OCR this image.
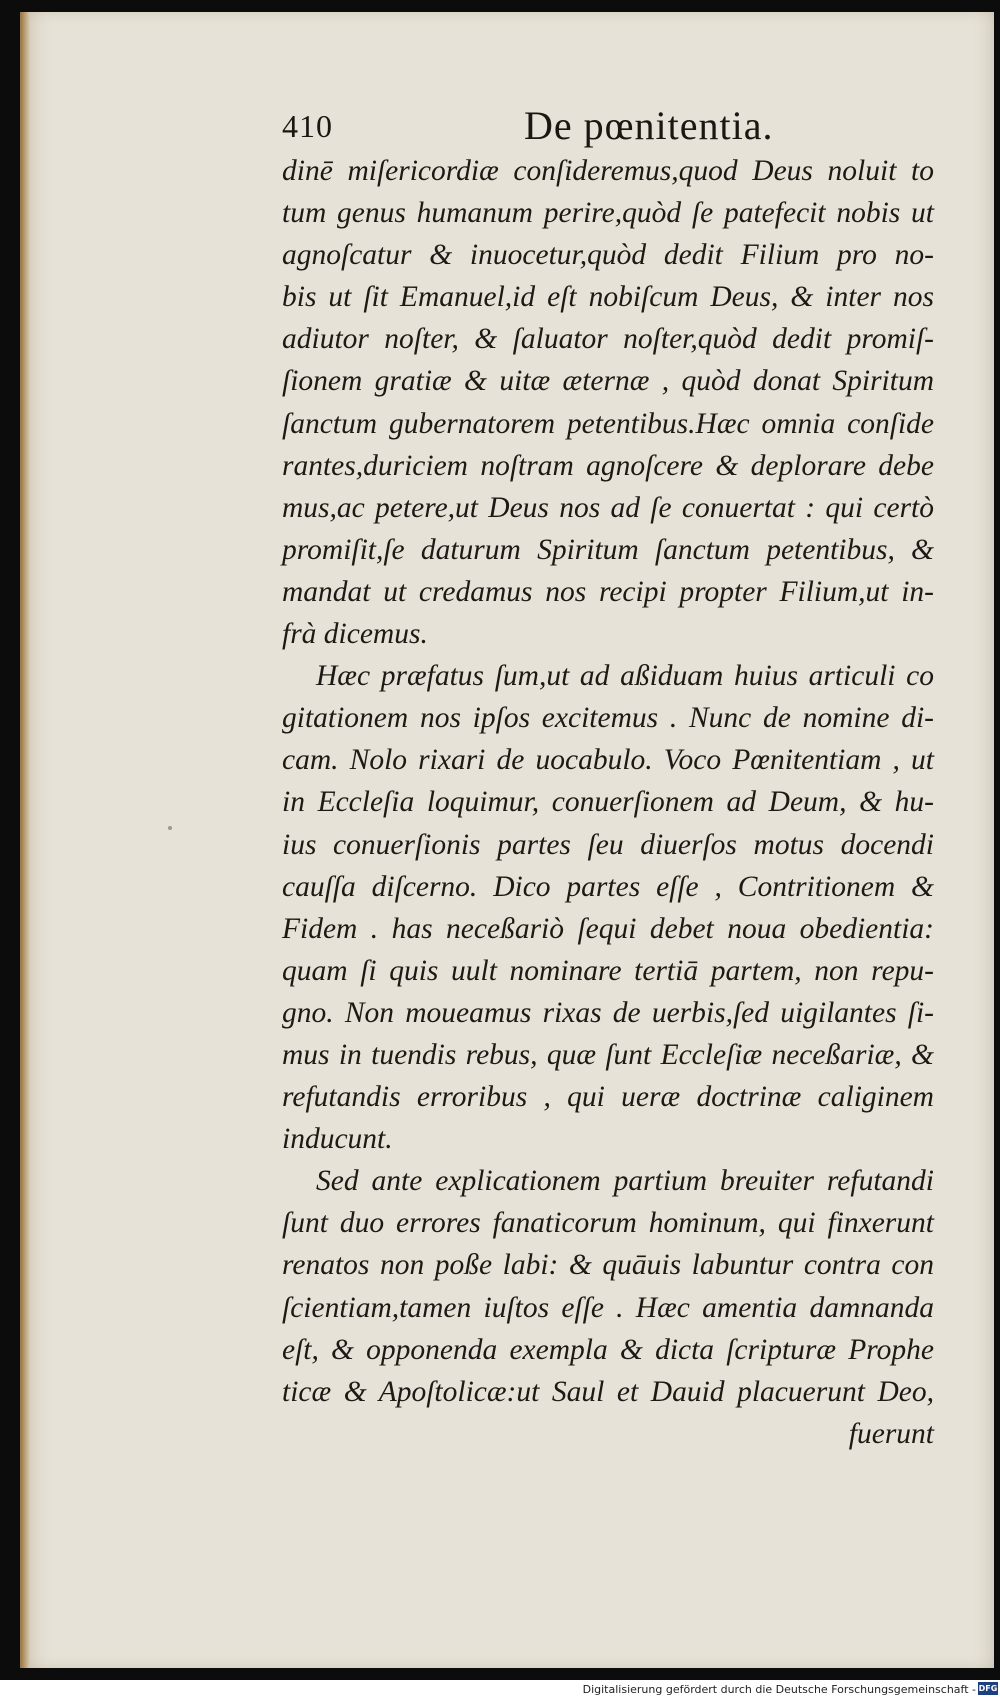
410	De pœnitentia.
dinē miſericordiæ conſideremus,quod Deus noluit to
tum genus humanum perire,quòd ſe patefecit nobis ut
agnoſcatur & inuocetur,quòd dedit Filium pro no-
bis ut ſit Emanuel,id eſt nobiſcum Deus, & inter nos
adiutor noſter, & ſaluator noſter,quòd dedit promiſ-
ſionem gratiæ & uitæ æternæ , quòd donat Spiritum
ſanctum gubernatorem petentibus.Hæc omnia conſide
rantes,duriciem noſtram agnoſcere & deplorare debe
mus,ac petere,ut Deus nos ad ſe conuertat : qui certò
promiſit,ſe daturum Spiritum ſanctum petentibus, &
mandat ut credamus nos recipi propter Filium,ut in-
frà dicemus.
Hæc præfatus ſum,ut ad aßiduam huius articuli co
gitationem nos ipſos excitemus . Nunc de nomine di-
cam. Nolo rixari de uocabulo. Voco Pœnitentiam , ut
in Eccleſia loquimur, conuerſionem ad Deum, & hu-
ius conuerſionis partes ſeu diuerſos motus docendi
cauſſa diſcerno. Dico partes eſſe , Contritionem &
Fidem . has neceßariò ſequi debet noua obedientia:
quam ſi quis uult nominare tertiā partem, non repu-
gno. Non moueamus rixas de uerbis,ſed uigilantes ſi-
mus in tuendis rebus, quæ ſunt Eccleſiæ neceßariæ, &
refutandis erroribus , qui ueræ doctrinæ caliginem
inducunt.
Sed ante explicationem partium breuiter refutandi
ſunt duo errores fanaticorum hominum, qui finxerunt
renatos non poße labi: & quāuis labuntur contra con
ſcientiam,tamen iuſtos eſſe . Hæc amentia damnanda
eſt, & opponenda exempla & dicta ſcripturæ Prophe
ticæ & Apoſtolicæ:ut Saul et Dauid placuerunt Deo,
fuerunt
Digitalisierung gefördert durch die Deutsche Forschungsgemeinschaft - DFG
